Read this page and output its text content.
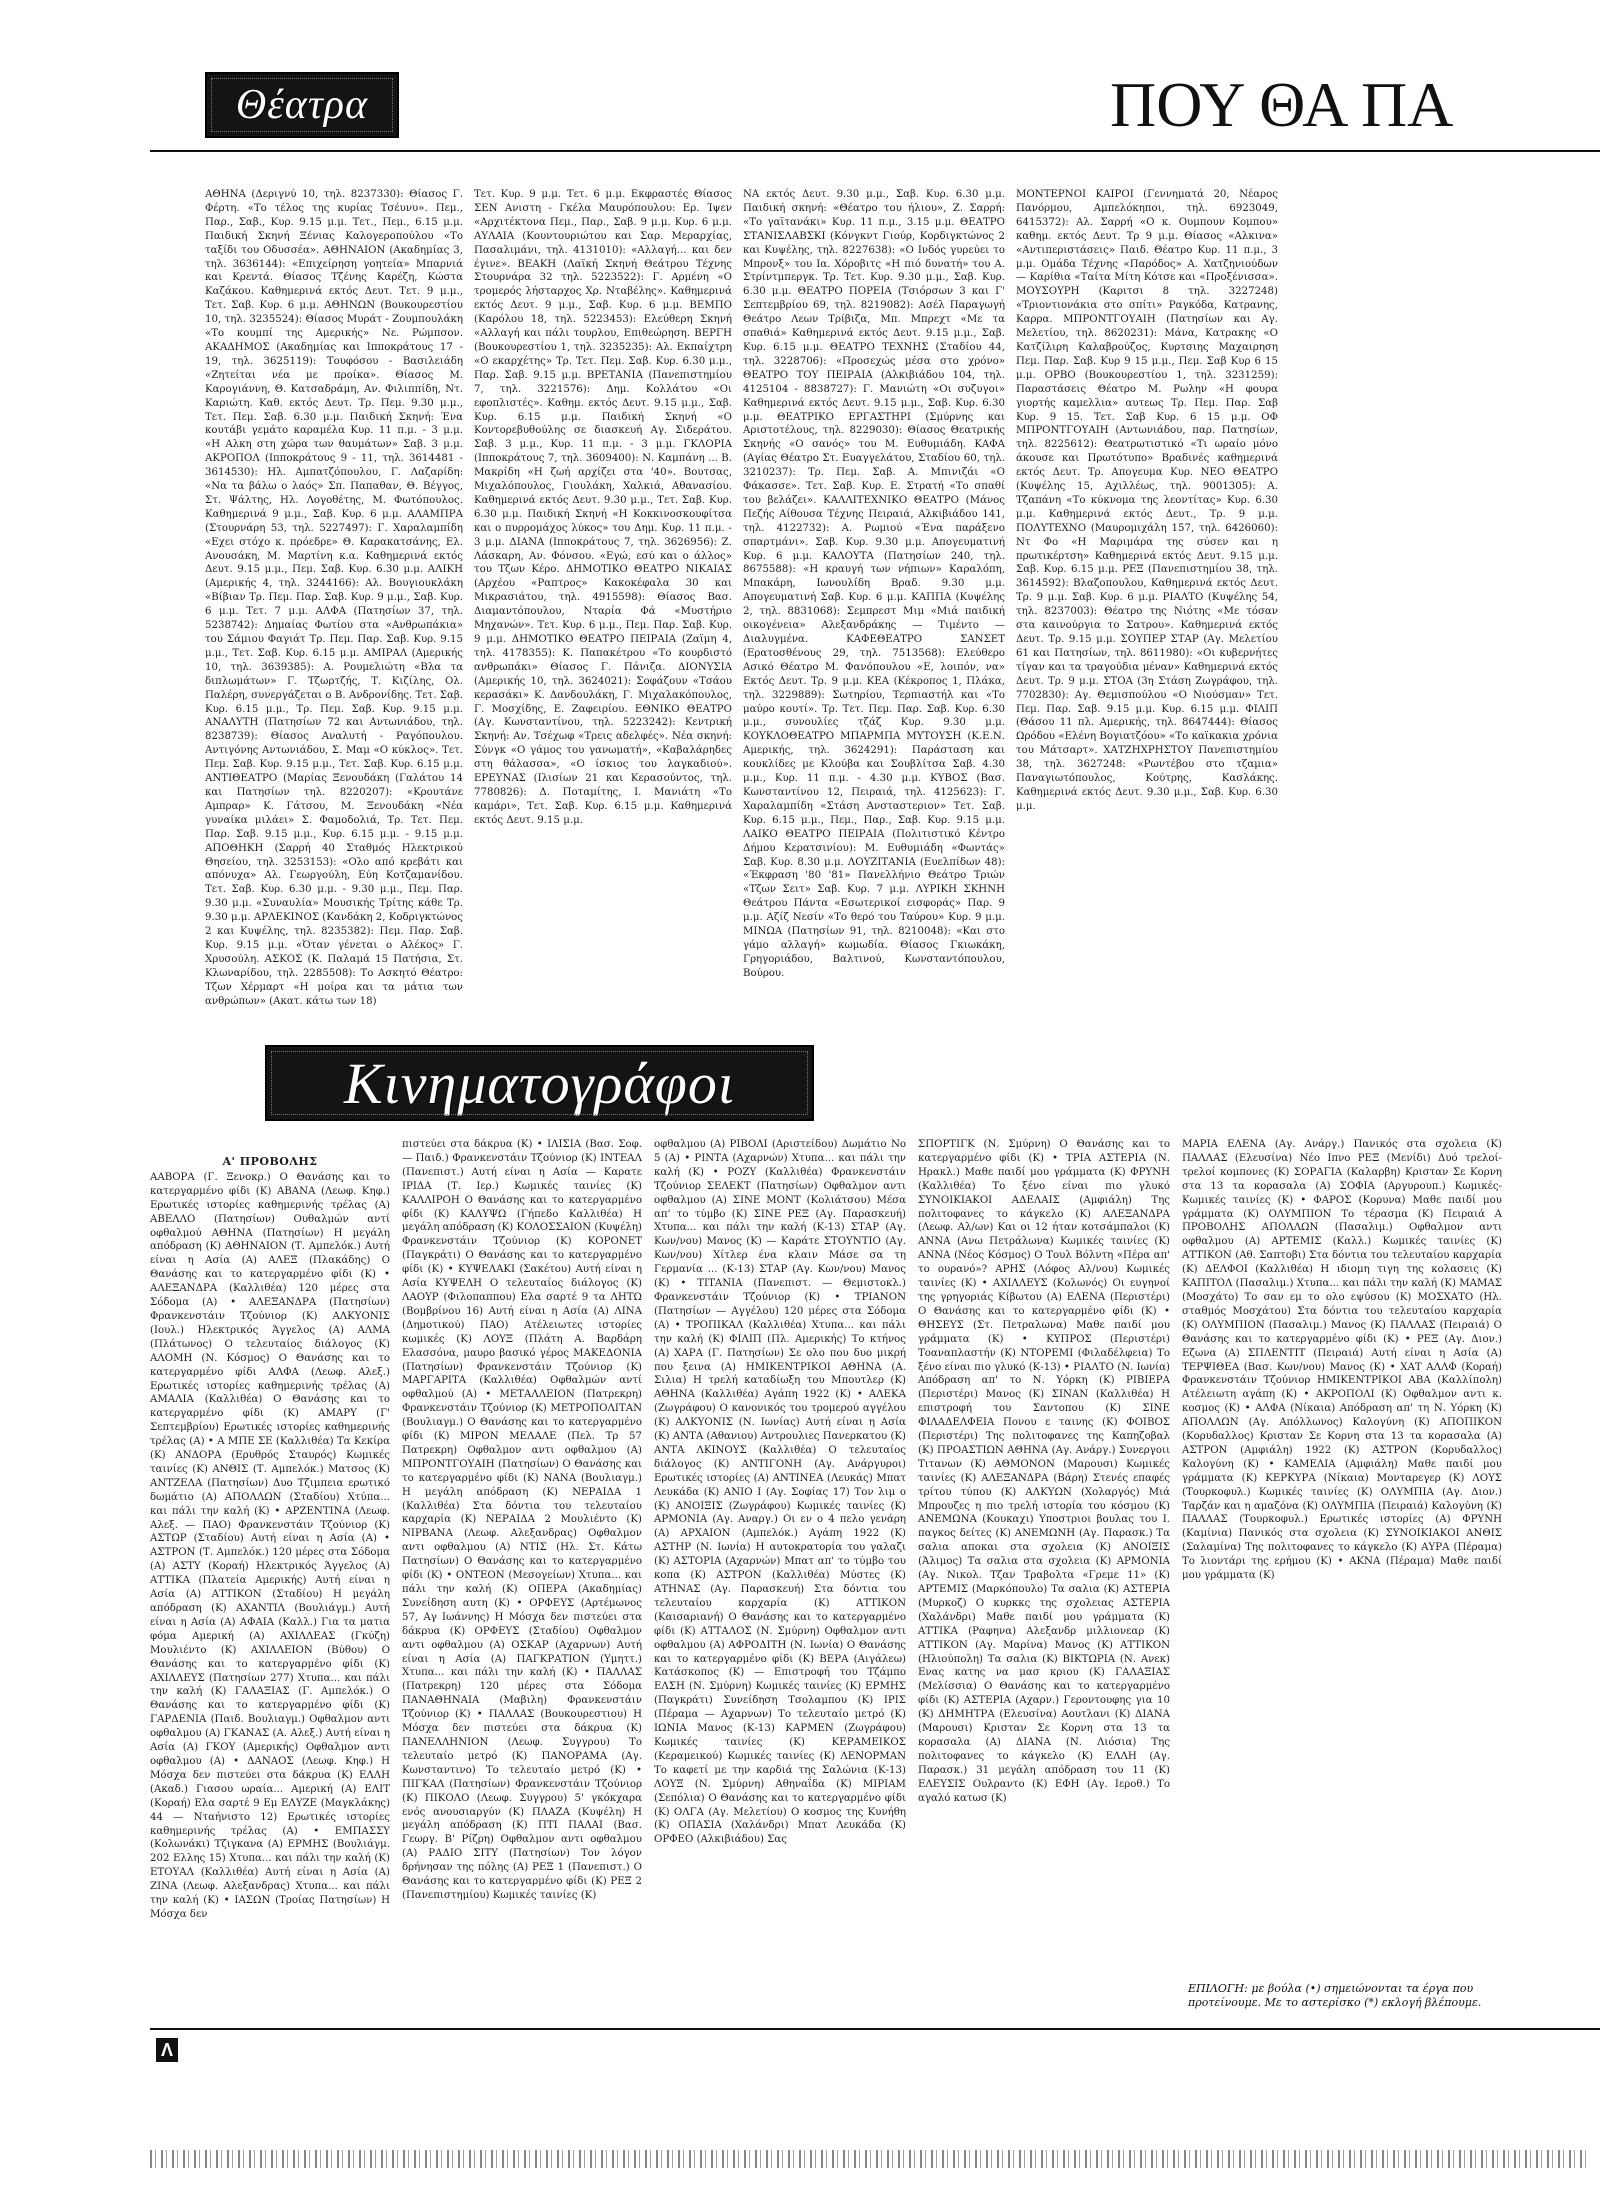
Θέατρα	ΠΟΥ ΘΑ ΠΑ

ΑΘΗΝΑ (Δεριγνύ 10, τηλ. 8237330): Θίασος Γ. Φέρτη. «Το τέλος της κυρίας Τσέυνυ». Πεμ., Παρ., Σαβ., Κυρ. 9.15 μ.μ. Τετ., Πεμ., 6.15 μ.μ. Παιδική Σκηνή Ξένιας Καλογεροπούλου «Το ταξίδι του Οδυσσέα». ΑΘΗΝΑΙΟΝ (Ακαδημίας 3, τηλ. 3636144): «Επιχείρηση γοητεία» Μπαρνιά και Κρεντά. Θίασος Τζένης Καρέζη, Κώστα Καζάκου. Καθημερινά εκτός Δευτ. Τετ. 9 μ.μ., Τετ. Σαβ. Κυρ. 6 μ.μ. ΑΘΗΝΩΝ (Βουκουρεστίου 10, τηλ. 3235524): Θίασος Μυράτ - Ζουμπουλάκη «Το κουμπί της Αμερικής» Νε. Ρώμπσον. ΑΚΑΔΗΜΟΣ (Ακαδημίας και Ιπποκράτους 17 - 19, τηλ. 3625119): Τουφόσου - Βασιλειάδη «Ζητείται νέα με προίκα». Θίασος Μ. Καρογιάννη, Θ. Κατσαδράμη, Αν. Φιλιππίδη, Ντ. Καριώτη. Καθ. εκτός Δευτ. Τρ. Πεμ. 9.30 μ.μ., Τετ. Πεμ. Σαβ. 6.30 μ.μ. Παιδική Σκηνή: Ένα κουτάβι γεμάτο καραμέλα Κυρ. 11 π.μ. - 3 μ.μ. «Η Αλκη στη χώρα των θαυμάτων» Σαβ. 3 μ.μ. ΑΚΡΟΠΟΛ (Ιπποκράτους 9 - 11, τηλ. 3614481 - 3614530): Ηλ. Αμπατζόπουλου, Γ. Λαζαρίδη: «Να τα βάλω ο λαός» Σπ. Παπαθαν, Θ. Βέγγος, Στ. Ψάλτης, Ηλ. Λογοθέτης, Μ. Φωτόπουλος. Καθημερινά 9 μ.μ., Σαβ. Κυρ. 6 μ.μ. ΑΛΑΜΠΡΑ (Στουρνάρη 53, τηλ. 5227497): Γ. Χαραλαμπίδη «Εχει στόχο κ. πρόεδρε» Θ. Καρακατσάνης, Ελ. Ανουσάκη, Μ. Μαρτίνη κ.α. Καθημερινά εκτός Δευτ. 9.15 μ.μ., Πεμ. Σαβ. Κυρ. 6.30 μ.μ. ΑΛΙΚΗ (Αμερικής 4, τηλ. 3244166): Αλ. Βουγιουκλάκη «Βίβιαν Τρ. Πεμ. Παρ. Σαβ. Κυρ. 9 μ.μ., Σαβ. Κυρ. 6 μ.μ. Τετ. 7 μ.μ. ΑΛΦΑ (Πατησίων 37, τηλ. 5238742): Δημαίας Φωτίου στα «Ανθρωπάκια» του Σάμιου Φαγιάτ Τρ. Πεμ. Παρ. Σαβ. Κυρ. 9.15 μ.μ., Τετ. Σαβ. Κυρ. 6.15 μ.μ. ΑΜΙΡΑΛ (Αμερικής 10, τηλ. 3639385): Α. Ρουμελιώτη «Βλα τα διπλωμάτων» Γ. Τζωρτζής, Τ. Κιζίλης, Ολ. Παλέρη, συνεργάζεται ο Β. Ανδρονίδης. Τετ. Σαβ. Κυρ. 6.15 μ.μ., Τρ. Πεμ. Σαβ. Κυρ. 9.15 μ.μ. ΑΝΑΛΥΤΗ (Πατησίων 72 και Αντωνιάδου, τηλ. 8238739): Θίασος Αναλυτή - Ραγόπουλου. Αντιγόνης Αντωνιάδου, Σ. Μαμ «Ο κύκλος». Τετ. Πεμ. Σαβ. Κυρ. 9.15 μ.μ., Τετ. Σαβ. Κυρ. 6.15 μ.μ. ΑΝΤΙΘΕΑΤΡΟ (Μαρίας Ξενουδάκη (Γαλάτου 14 και Πατησίων τηλ. 8220207): «Κρουτάνε Αμπραρ» Κ. Γάτσου, Μ. Ξενουδάκη «Νέα γυναίκα μιλάει» Σ. Φαμοδολιά, Τρ. Τετ. Πεμ. Παρ. Σαβ. 9.15 μ.μ., Κυρ. 6.15 μ.μ. - 9.15 μ.μ. ΑΠΟΘΗΚΗ (Σαρρή 40 Σταθμός Ηλεκτρικού Θησείου, τηλ. 3253153): «Ολο από κρεβάτι και απόνυχα» Αλ. Γεωργούλη, Εύη Κοτζαμανίδου. Τετ. Σαβ. Κυρ. 6.30 μ.μ. - 9.30 μ.μ., Πεμ. Παρ. 9.30 μ.μ. «Συναυλία» Μουσικής Τρίτης κάθε Τρ. 9.30 μ.μ. ΑΡΛΕΚΙΝΟΣ (Κανδάκη 2, Κοδριγκτώνος 2 και Κυψέλης, τηλ. 8235382): Πεμ. Παρ. Σαβ. Κυρ. 9.15 μ.μ. «Όταν γένεται ο Αλέκος» Γ. Χρυσούλη. ΑΣΚΟΣ (Κ. Παλαμά 15 Πατήσια, Στ. Κλωναρίδου, τηλ. 2285508): Το Ασκητό Θέατρο: Τζων Χέρμαρτ «Η μοίρα και τα μάτια των ανθρώπων» (Ακατ. κάτω των 18)

Τετ. Κυρ. 9 μ.μ. Τετ. 6 μ.μ. Εκφραστές Θίασος ΣΕΝ Ανιστη - Γκέλα Μαυρόπουλου: Ερ. Ίψεν «Αρχιτέκτονα Πεμ., Παρ., Σαβ. 9 μ.μ. Κυρ. 6 μ.μ. ΑΥΛΑΙΑ (Κουντουριώτου και Σαρ. Μεραρχίας, Πασαλιμάνι, τηλ. 4131010): «Αλλαγή... και δεν έγινε». ΒΕΑΚΗ (Λαϊκή Σκηνή Θεάτρου Τέχνης Στουρνάρα 32 τηλ. 5223522): Γ. Αρμένη «Ο τρομερός λήσταρχος Χρ. Νταβέλης». Καθημερινά εκτός Δευτ. 9 μ.μ., Σαβ. Κυρ. 6 μ.μ. ΒΕΜΠΟ (Καρόλου 18, τηλ. 5223453): Ελεύθερη Σκηνή «Αλλαγή και πάλι τουρλου, Επιθεώρηση. ΒΕΡΓΗ (Βουκουρεστίου 1, τηλ. 3235235): Αλ. Εκπαίχτρη «Ο εκαρχέτης» Τρ. Τετ. Πεμ. Σαβ. Κυρ. 6.30 μ.μ., Παρ. Σαβ. 9.15 μ.μ. ΒΡΕΤΑΝΙΑ (Πανεπιστημίου 7, τηλ. 3221576): Δημ. Κολλάτου «Οι εφοπλιστές». Καθημ. εκτός Δευτ. 9.15 μ.μ., Σαβ. Κυρ. 6.15 μ.μ. Παιδική Σκηνή «Ο Κοντορεβυθούλης σε διασκευή Αγ. Σιδεράτου. Σαβ. 3 μ.μ., Κυρ. 11 π.μ. - 3 μ.μ. ΓΚΛΟΡΙΑ (Ιπποκράτους 7, τηλ. 3609400): Ν. Καμπάνη ... Β. Μακρίδη «Η ζωή αρχίζει στα '40». Βουτσας, Μιχαλόπουλος, Γιουλάκη, Χαλκιά, Αθανασίου. Καθημερινά εκτός Δευτ. 9.30 μ.μ., Τετ. Σαβ. Κυρ. 6.30 μ.μ. Παιδική Σκηνή «Η Κοκκινοσκουφίτσα και ο πυρρομάχος λύκος» του Δημ. Κυρ. 11 π.μ. - 3 μ.μ. ΔΙΑΝΑ (Ιπποκράτους 7, τηλ. 3626956): Ζ. Λάσκαρη, Αν. Φόνσου. «Εγώ, εσύ και ο άλλος» του Τζων Κέρο. ΔΗΜΟΤΙΚΟ ΘΕΑΤΡΟ ΝΙΚΑΙΑΣ (Αρχέου «Ραπτρος» Κακοκέφαλα 30 και Μικρασιάτου, τηλ. 4915598): Θίασος Βασ. Διαμαντόπουλου, Νταρία Φά «Μυστήριο Μηχανών». Τετ. Κυρ. 6 μ.μ., Πεμ. Παρ. Σαβ. Κυρ. 9 μ.μ. ΔΗΜΟΤΙΚΟ ΘΕΑΤΡΟ ΠΕΙΡΑΙΑ (Ζαϊμη 4, τηλ. 4178355): Κ. Παπακέτρου «Το κουρδιστό ανθρωπάκι» Θίασος Γ. Πάνιζα. ΔΙΟΝΥΣΙΑ (Αμερικής 10, τηλ. 3624021): Σοφάζουν «Τσάου κερασάκι» Κ. Δανδουλάκη, Γ. Μιχαλακόπουλος, Γ. Μοσχίδης, Ε. Ζαφειρίου. ΕΘΝΙΚΟ ΘΕΑΤΡΟ (Αγ. Κωνσταντίνου, τηλ. 5223242): Κεντρική Σκηνή: Αν. Τσέχωφ «Τρεις αδελφές». Νέα σκηνή: Σύνγκ «Ο γάμος του γανωματή», «Καβαλάρηδες στη θάλασσα», «Ο ίσκιος του λαγκαδιού». ΕΡΕΥΝΑΣ (Ιλισίων 21 και Κερασούντος, τηλ. 7780826): Δ. Ποταμίτης, Ι. Μανιάτη «Το καμάρι», Τετ. Σαβ. Κυρ. 6.15 μ.μ. Καθημερινά εκτός Δευτ. 9.15 μ.μ.

ΝΑ εκτός Δευτ. 9.30 μ.μ., Σαβ. Κυρ. 6.30 μ.μ. Παιδική σκηνή: «Θέατρο του ήλιου», Ζ. Σαρρή: «Το γαϊτανάκι» Κυρ. 11 π.μ., 3.15 μ.μ. ΘΕΑΤΡΟ ΣΤΑΝΙΣΛΑΒΣΚΙ (Κόνγκντ Γιούρ, Κορδιγκτώνος 2 και Κυψέλης, τηλ. 8227638): «Ο Ινδός γυρεύει το Μπρονξ» του Ια. Χόροβιτς «Η πιό δυνατή» του Α. Στρίντμπεργκ. Τρ. Τετ. Κυρ. 9.30 μ.μ., Σαβ. Κυρ. 6.30 μ.μ. ΘΕΑΤΡΟ ΠΟΡΕΙΑ (Τσιόρσων 3 και Γ' Σεπτεμβρίου 69, τηλ. 8219082): Ασέλ Παραγωγή Θεάτρο Λεων Τρίβιζα, Μπ. Μπρεχτ «Με τα σπαθιά» Καθημερινά εκτός Δευτ. 9.15 μ.μ., Σαβ. Κυρ. 6.15 μ.μ. ΘΕΑΤΡΟ ΤΕΧΝΗΣ (Σταδίου 44, τηλ. 3228706): «Προσεχώς μέσα στο χρόνο» ΘΕΑΤΡΟ ΤΟΥ ΠΕΙΡΑΙΑ (Αλκιβιάδου 104, τηλ. 4125104 - 8838727): Γ. Μανιώτη «Οι συζυγοι» Καθημερινά εκτός Δευτ. 9.15 μ.μ., Σαβ. Κυρ. 6.30 μ.μ. ΘΕΑΤΡΙΚΟ ΕΡΓΑΣΤΗΡΙ (Σμύρνης και Αριστοτέλους, τηλ. 8229030): Θίασος Θεατρικής Σκηνής «Ο σανός» του Μ. Ευθυμιάδη. ΚΑΦΑ (Αγίας Θέατρο Στ. Ευαγγελάτου, Σταδίου 60, τηλ. 3210237): Τρ. Πεμ. Σαβ. Α. Μπινιζάι «Ο Φάκασσε». Τετ. Σαβ. Κυρ. Ε. Στρατή «Το σπαθί του βελάζει». ΚΑΛΛΙΤΕΧΝΙΚΟ ΘΕΑΤΡΟ (Μάνος Πεζής Αίθουσα Τέχνης Πειραιά, Αλκιβιάδου 141, τηλ. 4122732): Α. Ρωμιού «Ένα παράξενο σπαρτμάνι». Σαβ. Κυρ. 9.30 μ.μ. Απογευματινή Κυρ. 6 μ.μ. ΚΑΛΟΥΤΑ (Πατησίων 240, τηλ. 8675588): «Η κραυγή των νήπιων» Καραλόπη, Μπακάρη, Ιωνουλίδη Βραδ. 9.30 μ.μ. Απογευματινή Σαβ. Κυρ. 6 μ.μ. ΚΑΠΠΑ (Κυψέλης 2, τηλ. 8831068): Σεμπρεστ Μιμ «Μιά παιδική οικογένεια» Αλεξανδράκης — Τιμέντο — Διαλυγμένα. ΚΑΦΕΘΕΑΤΡΟ ΣΑΝΣΕΤ (Ερατοσθένους 29, τηλ. 7513568): Ελεύθερο Ασικό Θέατρο Μ. Φανόπουλου «Ε, λοιπόν, να» Εκτός Δευτ. Τρ. 9 μ.μ. ΚΕΑ (Κέκροπος 1, Πλάκα, τηλ. 3229889): Σωτηρίου, Τερπιαστήλ και «Το μαύρο κουτί». Τρ. Τετ. Πεμ. Παρ. Σαβ. Κυρ. 6.30 μ.μ., συνουλίες τζάζ Κυρ. 9.30 μ.μ. ΚΟΥΚΛΟΘΕΑΤΡΟ ΜΠΑΡΜΠΑ ΜΥΤΟΥΣΗ (Κ.Ε.Ν. Αμερικής, τηλ. 3624291): Παράσταση και κουκλίδες με Κλούβα και Σουβλίτσα Σαβ. 4.30 μ.μ., Κυρ. 11 π.μ. - 4.30 μ.μ. ΚΥΒΟΣ (Βασ. Κωνσταντίνου 12, Πειραιά, τηλ. 4125623): Γ. Χαραλαμπίδη «Στάση Ανσταστεριον» Τετ. Σαβ. Κυρ. 6.15 μ.μ., Πεμ., Παρ., Σαβ. Κυρ. 9.15 μ.μ. ΛΑΙΚΟ ΘΕΑΤΡΟ ΠΕΙΡΑΙΑ (Πολιτιστικό Κέντρο Δήμου Κερατσινίου): Μ. Ευθυμιάδη «Φωντάς» Σαβ. Κυρ. 8.30 μ.μ. ΛΟΥΖΙΤΑΝΙΑ (Ευελπίδων 48): «Έκφραση '80 '81» Πανελλήνιο Θεάτρο Τριών «Τζων Σειτ» Σαβ. Κυρ. 7 μ.μ. ΛΥΡΙΚΗ ΣΚΗΝΗ Θεάτρου Πάντα «Εσωτερικοί εισφοράς» Παρ. 9 μ.μ. Αζίζ Νεσίν «Το θερό του Ταύρου» Κυρ. 9 μ.μ. ΜΙΝΩΑ (Πατησίων 91, τηλ. 8210048): «Και στο γάμο αλλαγή» κωμωδία. Θίασος Γκιωκάκη, Γρηγοριάδου, Βαλτινού, Κωνσταντόπουλου, Βούρου.

ΜΟΝΤΕΡΝΟΙ ΚΑΙΡΟΙ (Γεννηματά 20, Νέαρος Πανόρμου, Αμπελόκηποι, τηλ. 6923049, 6415372): Αλ. Σαρρή «Ο κ. Ουμπουν Κομπου» καθημ. εκτός Δευτ. Τρ 9 μ.μ. Θίασος «Αλκινα» «Αντιπεριστάσεις» Παιδ. Θέατρο Κυρ. 11 π.μ., 3 μ.μ. Ομάδα Τέχνης «Παρόδος» Α. Χατζηνιούδων — Καρίθια «Ταίτα Μίτη Κότσε και «Προξένισσα». ΜΟΥΣΟΥΡΗ (Καριτσι 8 τηλ. 3227248) «Τριοντιονάκια στο σπίτι» Ραγκόδα, Κατρανης, Καρρα. ΜΠΡΟΝΤΓΟΥΑΙΗ (Πατησίων και Αγ. Μελετίου, τηλ. 8620231): Μάνα, Κατρακης «Ο Κατζίλιρη Καλαβρούζος, Κυρτσιης Μαχαιρηση Πεμ. Παρ. Σαβ. Κυρ 9 15 μ.μ., Πεμ. Σαβ Κυρ 6 15 μ.μ. ΟΡΒΟ (Βουκουρεστίου 1, τηλ. 3231259): Παραστάσεις Θέατρο Μ. Ρωλην «Η φουρα γιορτής καμελλια» αυτεως Τρ. Πεμ. Παρ. Σαβ Κυρ. 9 15. Τετ. Σαβ Κυρ. 6 15 μ.μ. ΟΦ ΜΠΡΟΝΤΓΟΥΑΙΗ (Αντωνιάδου, παρ. Πατησίων, τηλ. 8225612): Θεατρωτιστικό «Τι ωραίο μόνο άκουσε και Πρωτότυπο» Βραδινές καθημερινά εκτός Δευτ. Τρ. Απογευμα Κυρ. ΝΕΟ ΘΕΑΤΡΟ (Κυψέλης 15, Αχιλλέως, τηλ. 9001305): Α. Τζαπάνη «Το κύκνομα της λεοντίτας» Κυρ. 6.30 μ.μ. Καθημερινά εκτός Δευτ., Τρ. 9 μ.μ. ΠΟΛΥΤΕΧΝΟ (Μαυρομιχάλη 157, τηλ. 6426060): Ντ Φο «Η Μαριμάρα της σύσεν και η πρωτικέρτση» Καθημερινά εκτός Δευτ. 9.15 μ.μ. Σαβ. Κυρ. 6.15 μ.μ. ΡΕΞ (Πανεπιστημίου 38, τηλ. 3614592): Βλαζοπουλου, Καθημερινά εκτός Δευτ. Τρ. 9 μ.μ. Σαβ. Κυρ. 6 μ.μ. ΡΙΑΛΤΟ (Κυψέλης 54, τηλ. 8237003): Θέατρο της Νιότης «Με τόσαν στα καινούργια το Σατρου». Καθημερινά εκτός Δευτ. Τρ. 9.15 μ.μ. ΣΟΥΠΕΡ ΣΤΑΡ (Αγ. Μελετίου 61 και Πατησίων, τηλ. 8611980): «Οι κυβερνήτες τίγαν και τα τραγούδια μέναν» Καθημερινά εκτός Δευτ. Τρ. 9 μ.μ. ΣΤΟΑ (3η Στάση Ζωγράφου, τηλ. 7702830): Αγ. Θεμισπούλου «Ο Νιούσμαν» Τετ. Πεμ. Παρ. Σαβ. 9.15 μ.μ. Κυρ. 6.15 μ.μ. ΦΙΛΙΠ (Θάσου 11 πλ. Αμερικής, τηλ. 8647444): Θίασος Ωρόδου «Ελένη Βογιατζόου» «Το καϊκακια χρόνια του Μάτσαρτ». ΧΑΤΖΗΧΡΗΣΤΟΥ Πανεπιστημίου 38, τηλ. 3627248: «Ρωντέβου στο τζαμια» Παναγιωτόπουλος, Κούτρης, Κασλάκης. Καθημερινά εκτός Δευτ. 9.30 μ.μ., Σαβ. Κυρ. 6.30 μ.μ.

Κινηματογράφοι
Α' ΠΡΟΒΟΛΗΣ

ΑΑΒΟΡΑ (Γ. Ξενοκρ.) Ο Θανάσης και το κατεργαρμένο φίδι (Κ) ΑΒΑΝΑ (Λεωφ. Κηφ.) Ερωτικές ιστορίες καθημερινής τρέλας (Α) ΑΒΕΛΛΟ (Πατησίων) Ουθαλμών αντί οφθαλμού ΑΘΗΝΑ (Πατησίων) Η μεγάλη απόδραση (Κ) ΑΘΗΝΑΙΟΝ (Τ. Αμπελόκ.) Αυτή είναι η Ασία (Α) ΑΛΕΞ (Πλακάδης) Ο Θανάσης και το κατεργαρμένο φίδι (Κ) • ΑΛΕΞΑΝΔΡΑ (Καλλιθέα) 120 μέρες στα Σόδομα (Α) • ΑΛΕΞΑΝΔΡΑ (Πατησίων) Φρανκενστάιν Τζούνιορ (Κ) ΑΛΚΥΟΝΙΣ (Ιουλ.) Ηλεκτρικός Άγγελος (Α) ΑΛΜΑ (Πλάτωνος) Ο τελευταίος διάλογος (Κ) ΑΛΟΜΗ (Ν. Κόσμος) Ο Θανάσης και το κατεργαρμένο φίδι ΑΛΦΑ (Λεωφ. Αλεξ.) Ερωτικές ιστορίες καθημερινής τρέλας (Α) ΑΜΑΛΙΑ (Καλλιθέα) Ο Θανάσης και το κατεργαρμένο φίδι (Κ) ΑΜΑΡΥ (Γ' Σεπτεμβρίου) Ερωτικές ιστορίες καθημερινής τρέλας (Α) • Α ΜΠΕ ΣΕ (Καλλιθέα) Τα Κεκίρα (Κ) ΑΝΔΟΡΑ (Ερυθρός Σταυρός) Κωμικές ταινίες (Κ) ΑΝΘΙΣ (Τ. Αμπελόκ.) Ματσος (Κ) ΑΝΤΖΕΛΑ (Πατησίων) Δυο Τζιμπεια ερωτικό δωμάτιο (Α) ΑΠΟΛΛΩΝ (Σταδίου) Χτύπα... και πάλι την καλή (Κ) • ΑΡΖΕΝΤΙΝΑ (Λεωφ. Αλεξ. — ΠΑΟ) Φρανκενστάιν Τζούνιορ (Κ) ΑΣΤΩΡ (Σταδίου) Αυτή είναι η Ασία (Α) • ΑΣΤΡΟΝ (Τ. Αμπελόκ.) 120 μέρες στα Σόδομα (Α) ΑΣΤΥ (Κοραή) Ηλεκτρικός Άγγελος (Α) ΑΤΤΙΚΑ (Πλατεία Αμερικής) Αυτή είναι η Ασία (Α) ΑΤΤΙΚΟΝ (Σταδίου) Η μεγάλη απόδραση (Κ) ΑΧΑΝΤΙΛ (Βουλιάγμ.) Αυτή είναι η Ασία (Α) ΑΦΑΙΑ (Καλλ.) Για τα ματια φόμα Αμερική (Α) ΑΧΙΛΛΕΑΣ (Γκύζη) Μουλιέντο (Κ) ΑΧΙΛΛΕΙΟΝ (Βύθου) Ο Θανάσης και το κατεργαρμένο φίδι (Κ) ΑΧΙΛΛΕΥΣ (Πατησίων 277) Χτυπα... και πάλι την καλή (Κ) ΓΑΛΑΞΙΑΣ (Γ. Αμπελόκ.) Ο Θανάσης και το κατεργαρμένο φίδι (Κ) ΓΑΡΔΕΝΙΑ (Παιδ. Βουλιαγμ.) Οφθαλμον αντι οφθαλμου (Α) ΓΚΑΝΑΣ (Α. Αλεξ.) Αυτή είναι η Ασία (Α) ΓΚΟΥ (Αμερικής) Οφθαλμον αντι οφθαλμου (Α) • ΔΑΝΑΟΣ (Λεωφ. Κηφ.) Η Μόσχα δεν πιστεύει στα δάκρυα (Κ) ΕΛΛΗ (Ακαδ.) Γιασου ωραία... Αμερική (Α) ΕΛΙΤ (Κοραή) Ελα σαρτέ 9 Εμ ΕΛΥΖΕ (Μαγκλάκης) 44 — Νταήνιστο 12) Ερωτικές ιστορίες καθημερινής τρέλας (Α) • ΕΜΠΑΣΣΥ (Κολωνάκι) Τζιγκανα (Α) ΕΡΜΗΣ (Βουλιάγμ. 202 Ελλης 15) Χτυπα... και πάλι την καλή (Κ) ΕΤΟΥΑΛ (Καλλιθέα) Αυτή είναι η Ασία (Α) ΖΙΝΑ (Λεωφ. Αλεξανδρας) Χτυπα... και πάλι την καλή (Κ) • ΙΑΣΩΝ (Τροίας Πατησίων) Η Μόσχα δεν

πιστεύει στα δάκρυα (Κ) • ΙΛΙΣΙΑ (Βασ. Σοφ. — Παιδ.) Φρανκενστάιν Τζούνιορ (Κ) ΙΝΤΕΑΛ (Πανεπιστ.) Αυτή είναι η Ασία — Καρατε ΙΡΙΔΑ (Τ. Ιερ.) Κωμικές ταινίες (Κ) ΚΑΛΛΙΡΟΗ Ο Θανάσης και το κατεργαρμένο φίδι (Κ) ΚΑΛΥΨΩ (Γήπεδο Καλλιθέα) Η μεγάλη απόδραση (Κ) ΚΟΛΟΣΣΑΙΟΝ (Κυψέλη) Φρανκενστάιν Τζούνιορ (Κ) ΚΟΡΟΝΕΤ (Παγκράτι) Ο Θανάσης και το κατεργαρμένο φίδι (Κ) • ΚΥΨΕΛΑΚΙ (Σακέτου) Αυτή είναι η Ασία ΚΥΨΕΛΗ Ο τελευταίος διάλογος (Κ) ΛΑΟΥΡ (Φιλοπαππου) Ελα σαρτέ 9 τα ΛΗΤΩ (Βομβρίνου 16) Αυτή είναι η Ασία (Α) ΛΙΝΑ (Δημοτικού) ΠΑΟ) Ατέλειωτες ιστορίες κωμικές (Κ) ΛΟΥΞ (Πλάτη Α. Βαρδάρη Ελασσόνα, μαυρο βασικό γέρος ΜΑΚΕΔΟΝΙΑ (Πατησίων) Φρανκενστάιν Τζούνιορ (Κ) ΜΑΡΓΑΡΙΤΑ (Καλλιθέα) Οφθαλμών αντί οφθαλμού (Α) • ΜΕΤΑΛΛΕΙΟΝ (Πατρεκρη) Φρανκενστάιν Τζούνιορ (Κ) ΜΕΤΡΟΠΟΛΙΤΑΝ (Βουλιαγμ.) Ο Θανάσης και το κατεργαρμένο φίδι (Κ) ΜΙΡΟΝ ΜΕΛΑΛΕ (Πελ. Τρ 57 Πατρεκρη) Οφθαλμον αντι οφθαλμου (Α) ΜΠΡΟΝΤΓΟΥΑΙΗ (Πατησίων) Ο Θανάσης και το κατεργαρμένο φίδι (Κ) ΝΑΝΑ (Βουλιαγμ.) Η μεγάλη απόδραση (Κ) ΝΕΡΑΙΔΑ 1 (Καλλιθέα) Στα δόντια του τελευταίου καρχαρία (Κ) ΝΕΡΑΙΔΑ 2 Μουλιέντο (Κ) ΝΙΡΒΑΝΑ (Λεωφ. Αλεξανδρας) Οφθαλμον αντι οφθαλμου (Α) ΝΤΙΣ (Ηλ. Στ. Κάτω Πατησίων) Ο Θανάσης και το κατεργαρμένο φίδι (Κ) • ΟΝΤΕΟΝ (Μεσογείων) Χτυπα... και πάλι την καλή (Κ) ΟΠΕΡΑ (Ακαδημίας) Συνείδηση αυτη (Κ) • ΟΡΦΕΥΣ (Αρτέμωνος 57, Αγ Ιωάννης) Η Μόσχα δεν πιστεύει στα δάκρυα (Κ) ΟΡΦΕΥΣ (Σταδίου) Οφθαλμον αντι οφθαλμου (Α) ΟΣΚΑΡ (Αχαρνων) Αυτή είναι η Ασία (Α) ΠΑΓΚΡΑΤΙΟΝ (Υμηττ.) Χτυπα... και πάλι την καλή (Κ) • ΠΑΛΛΑΣ (Πατρεκρη) 120 μέρες στα Σόδομα ΠΑΝΑΘΗΝΑΙΑ (Μαβιλη) Φρανκενστάιν Τζούνιορ (Κ) • ΠΑΛΛΑΣ (Βουκουρεστιου) Η Μόσχα δεν πιστεύει στα δάκρυα (Κ) ΠΑΝΕΛΛΗΝΙΟΝ (Λεωφ. Συγγρου) Το τελευταίο μετρό (Κ) ΠΑΝΟΡΑΜΑ (Αγ. Κωνσταντινο) Το τελευταίο μετρό (Κ) • ΠΙΓΚΑΛ (Πατησίων) Φρανκενστάιν Τζούνιορ (Κ) ΠΙΚΟΛΟ (Λεωφ. Συγγρου) 5' γκόκχαρα ενός ανουσιαργύν (Κ) ΠΛΑΖΑ (Κυψέλη) Η μεγάλη απόδραση (Κ) ΠΤΙ ΠΑΛΑΙ (Βασ. Γεωργ. Β' Ρίζρη) Οφθαλμον αντι οφθαλμου (Α) ΡΑΔΙΟ ΣΙΤΥ (Πατησίων) Τον λόγον δρήνησαν της πόλης (Α) ΡΕΞ 1 (Πανεπιστ.) Ο Θανάσης και το κατεργαρμένο φίδι (Κ) ΡΕΞ 2 (Πανεπιστημίου) Κωμικές ταινίες (Κ)

οφθαλμου (Α) ΡΙΒΟΛΙ (Αριστείδου) Δωμάτιο Νο 5 (Α) • ΡΙΝΤΑ (Αχαρνών) Χτυπα... και πάλι την καλή (Κ) • ΡΟΖΥ (Καλλιθέα) Φρανκενστάιν Τζούνιορ ΣΕΛΕΚΤ (Πατησίων) Οφθαλμον αντι οφθαλμου (Α) ΣΙΝΕ ΜΟΝΤ (Κολιάτσου) Μέσα απ' το τύμβο (Κ) ΣΙΝΕ ΡΕΞ (Αγ. Παρασκευή) Χτυπα... και πάλι την καλή (Κ-13) ΣΤΑΡ (Αγ. Κων/νου) Μανος (Κ) — Καράτε ΣΤΟΥΝΤΙΟ (Αγ. Κων/νου) Χίτλερ ένα κλαιν Μάσε σα τη Γερμανία ... (Κ-13) ΣΤΑΡ (Αγ. Κων/νου) Μανος (Κ) • ΤΙΤΑΝΙΑ (Πανεπιστ. — Θεμιστοκλ.) Φρανκενστάιν Τζούνιορ (Κ) • ΤΡΙΑΝΟΝ (Πατησίων — Αγγέλου) 120 μέρες στα Σόδομα (Α) • ΤΡΟΠΙΚΑΛ (Καλλιθέα) Χτυπα... και πάλι την καλή (Κ) ΦΙΛΙΠ (Πλ. Αμερικής) Το κτήνος (Α) ΧΑΡΑ (Γ. Πατησίων) Σε ολο που δυο μικρή που ξεινα (Α) ΗΜΙΚΕΝΤΡΙΚΟΙ ΑΘΗΝΑ (Α. Σιλια) Η τρελή καταδίωξη του Μπουτλερ (Κ) ΑΘΗΝΑ (Καλλιθέα) Αγάπη 1922 (Κ) • ΑΛΕΚΑ (Ζωγράφου) Ο κανονικός του τρομερού αγγέλου (Κ) ΑΛΚΥΟΝΙΣ (Ν. Ιωνίας) Αυτή είναι η Ασία (Κ) ΑΝΤΑ (Αθανιου) Αντρουλιες Πανερκατου (Κ) ΑΝΤΑ ΛΚΙΝΟΥΣ (Καλλιθέα) Ο τελευταίος διάλογος (Κ) ΑΝΤΙΓΟΝΗ (Αγ. Ανάργυροι) Ερωτικές ιστορίες (Α) ΑΝΤΙΝΕΑ (Λευκάς) Μπατ Λευκάδα (Κ) ΑΝΙΟ Ι (Αγ. Σοφίας 17) Τον λιμ ο (Κ) ΑΝΟΙΞΙΣ (Ζωγράφου) Κωμικές ταινίες (Κ) ΑΡΜΟΝΙΑ (Αγ. Αναργ.) Οι εν ο 4 πελο γενάρη (Α) ΑΡΧΑΙΟΝ (Αμπελόκ.) Αγάπη 1922 (Κ) ΑΣΤΗΡ (Ν. Ιωνία) Η αυτοκρατορία του γαλαζι (Κ) ΑΣΤΟΡΙΑ (Αχαρνών) Μπατ απ' το τύμβο του κοπα (Κ) ΑΣΤΡΟΝ (Καλλιθέα) Μύστες (Κ) ΑΤΗΝΑΣ (Αγ. Παρασκευή) Στα δόντια του τελευταίου καρχαρία (Κ) ΑΤΤΙΚΟΝ (Καισαριανή) Ο Θανάσης και το κατεργαρμένο φίδι (Κ) ΑΤΤΑΛΟΣ (Ν. Σμύρνη) Οφθαλμον αντι οφθαλμου (Α) ΑΦΡΟΔΙΤΗ (Ν. Ιωνία) Ο Θανάσης και το κατεργαρμένο φίδι (Κ) ΒΕΡΑ (Αιγάλεω) Κατάσκοπος (Κ) — Επιστροφή του Τζάμπο ΕΛΣΗ (Ν. Σμύρνη) Κωμικές ταινίες (Κ) ΕΡΜΗΣ (Παγκράτι) Συνείδηση Τσολαμπου (Κ) ΙΡΙΣ (Πέραμα — Αχαρνων) Το τελευταίο μετρό (Κ) ΙΩΝΙΑ Μανος (Κ-13) ΚΑΡΜΕΝ (Ζωγράφου) Κωμικές ταινίες (Κ) ΚΕΡΑΜΕΙΚΟΣ (Κεραμεικού) Κωμικές ταινίες (Κ) ΛΕΝΟΡΜΑΝ Το καφετί με την καρδιά της Σαλώνια (Κ-13) ΛΟΥΞ (Ν. Σμύρνη) Αθηναΐδα (Κ) ΜΙΡΙΑΜ (Σεπόλια) Ο Θανάσης και το κατεργαρμένο φίδι (Κ) ΟΛΓΑ (Αγ. Μελετίου) Ο κοσμος της Κυνήθη (Κ) ΟΠΑΣΙΑ (Χαλάνδρι) Μπατ Λευκάδα (Κ) ΟΡΦΕΟ (Αλκιβιάδου) Σας

ΣΠΟΡΤΙΓΚ (Ν. Σμύρνη) Ο Θανάσης και το κατεργαρμένο φίδι (Κ) • ΤΡΙΑ ΑΣΤΕΡΙΑ (Ν. Ηρακλ.) Μαθε παιδί μου γράμματα (Κ) ΦΡΥΝΗ (Καλλιθέα) Το ξένο είναι πιο γλυκό ΣΥΝΟΙΚΙΑΚΟΙ ΑΔΕΛΑΙΣ (Αμφιάλη) Της πολιτοφανες το κάγκελο (Κ) ΑΛΕΞΑΝΔΡΑ (Λεωφ. Αλ/ων) Και οι 12 ήταν κοτσάμπαλοι (Κ) ΑΝΝΑ (Ανω Πετράλωνα) Κωμικές ταινίες (Κ) ΑΝΝΑ (Νέος Κόσμος) Ο Τουλ Βόλντη «Πέρα απ' το ουρανό»? ΑΡΗΣ (Λόφος Αλ/νου) Κωμικές ταινίες (Κ) • ΑΧΙΛΛΕΥΣ (Κολωνός) Οι ευγηνοί της γρηγοριάς Κίβωτου (Α) ΕΛΕΝΑ (Περιστέρι) Ο Θανάσης και το κατεργαρμένο φίδι (Κ) • ΘΗΣΕΥΣ (Στ. Πετραλωνα) Μαθε παιδί μου γράμματα (Κ) • ΚΥΠΡΟΣ (Περιστέρι) Τοαναπλαστήν (Κ) ΝΤΟΡΕΜΙ (Φιλαδέλφεια) Το ξένο είναι πιο γλυκό (Κ-13) • ΡΙΑΛΤΟ (Ν. Ιωνία) Απόδραση απ' το Ν. Υόρκη (Κ) ΡΙΒΙΕΡΑ (Περιστέρι) Μανος (Κ) ΣΙΝΑΝ (Καλλιθέα) Η επιστροφή του Σαντοπου (Κ) ΣΙΝΕ ΦΙΛΑΔΕΛΦΕΙΑ Πονου ε ταινης (Κ) ΦΟΙΒΟΣ (Περιστέρι) Της πολιτοφανες της Καπηζοβαλ (Κ) ΠΡΟΑΣΤΙΩΝ ΑΘΗΝΑ (Αγ. Ανάργ.) Συνεργοιι Τιτανων (Κ) ΑΘΜΟΝΟΝ (Μαρουσι) Κωμικές ταινίες (Κ) ΑΛΕΞΑΝΔΡΑ (Βάρη) Στενές επαφές τρίτου τύπου (Κ) ΑΛΚΥΩΝ (Χολαργός) Μιά Μπρουζες η πιο τρελή ιστορία του κόσμου (Κ) ΑΝΕΜΩΝΑ (Κουκαχι) Υποστριοι βουλας του Ι. παγκος δείτες (Κ) ΑΝΕΜΩΝΗ (Αγ. Παρασκ.) Τα σαλια αποκαι στα σχολεια (Κ) ΑΝΟΙΞΙΣ (Άλιμος) Τα σαλια στα σχολεια (Κ) ΑΡΜΟΝΙΑ (Αγ. Νικολ. Τζαν Τραβολτα «Γρεμε 11» (Κ) ΑΡΤΕΜΙΣ (Μαρκόπουλο) Τα σαλια (Κ) ΑΣΤΕΡΙΑ (Μυρκοζ) Ο κυρκκς της σχολειας ΑΣΤΕΡΙΑ (Χαλάνδρι) Μαθε παιδί μου γράμματα (Κ) ΑΤΤΙΚΑ (Ραφηνα) Αλεξανδρ μιλλιονεαρ (Κ) ΑΤΤΙΚΟΝ (Αγ. Μαρίνα) Μανος (Κ) ΑΤΤΙΚΟΝ (Ηλιούπολη) Τα σαλια (Κ) ΒΙΚΤΩΡΙΑ (Ν. Ανεκ) Ενας κατης να μασ κριου (Κ) ΓΑΛΑΞΙΑΣ (Μελίσσια) Ο Θανάσης και το κατεργαρμένο φίδι (Κ) ΑΣΤΕΡΙΑ (Αχαρν.) Γεροντουφης για 10 (Κ) ΔΗΜΗΤΡΑ (Ελευσίνα) Αουτλανι (Κ) ΔΙΑΝΑ (Μαρουσι) Κρισταν Σε Κορνη στα 13 τα κορασαλα (Α) ΔΙΑΝΑ (Ν. Λιόσια) Της πολιτοφανες το κάγκελο (Κ) ΕΛΛΗ (Αγ. Παρασκ.) 31 μεγάλη απόδραση του 11 (Κ) ΕΛΕΥΣΙΣ Ουλραντο (Κ) ΕΦΗ (Αγ. Ιεροθ.) Το αγαλό κατωσ (Κ)

ΜΑΡΙΑ ΕΛΕΝΑ (Αγ. Ανάργ.) Πανικός στα σχολεια (Κ) ΠΑΛΛΑΣ (Ελευσίνα) Νέο Ιπνο ΡΕΞ (Μενίδι) Δυό τρελοί-τρελοί κομπονες (Κ) ΣΟΡΑΓΙΑ (Καλαρβη) Κρισταν Σε Κορνη στα 13 τα κορασαλα (Α) ΣΟΦΙΑ (Αργυρουπ.) Κωμικές-Κωμικές ταινίες (Κ) • ΦΑΡΟΣ (Κορυνα) Μαθε παιδί μου γράμματα (Κ) ΟΛΥΜΠΙΟΝ Το τέρασμα (Κ) Πειραιά Α ΠΡΟΒΟΛΗΣ ΑΠΟΛΛΩΝ (Πασαλιμ.) Οφθαλμον αντι οφθαλμου (Α) ΑΡΤΕΜΙΣ (Καλλ.) Κωμικές ταινίες (Κ) ΑΤΤΙΚΟΝ (Αθ. Σαπτοβι) Στα δόντια του τελευταίου καρχαρία (Κ) ΔΕΛΦΟΙ (Καλλιθέα) Η ιδιομη τιγη της κολασεις (Κ) ΚΑΠΙΤΟΛ (Πασαλιμ.) Χτυπα... και πάλι την καλή (Κ) ΜΑΜΑΣ (Μοσχάτο) Το σαν εμ το ολο εψύσου (Κ) ΜΟΣΧΑΤΟ (Ηλ. σταθμός Μοσχάτου) Στα δόντια του τελευταίου καρχαρία (Κ) ΟΛΥΜΠΙΟΝ (Πασαλιμ.) Μανος (Κ) ΠΑΛΛΑΣ (Πειραιά) Ο Θανάσης και το κατεργαρμένο φίδι (Κ) • ΡΕΞ (Αγ. Διον.) Εζωνα (Α) ΣΠΛΕΝΤΙΤ (Πειραιά) Αυτή είναι η Ασία (Α) ΤΕΡΨΙΘΕΑ (Βασ. Κων/νου) Μανος (Κ) • ΧΑΤ ΑΛΛΦ (Κοραή) Φρανκενστάιν Τζούνιορ ΗΜΙΚΕΝΤΡΙΚΟΙ ΑΒΑ (Καλλίπολη) Ατέλειωτη αγάπη (Κ) • ΑΚΡΟΠΟΛΙ (Κ) Οφθαλμον αντι κ. κοσμος (Κ) • ΑΛΦΑ (Νίκαια) Απόδραση απ' τη Ν. Υόρκη (Κ) ΑΠΟΛΛΩΝ (Αγ. Απόλλωνος) Καλογύνη (Κ) ΑΠΟΠΙΚΟΝ (Κορυδαλλος) Κρισταν Σε Κορνη στα 13 τα κορασαλα (Α) ΑΣΤΡΟΝ (Αμφιάλη) 1922 (Κ) ΑΣΤΡΟΝ (Κορυδαλλος) Καλογύνη (Κ) • ΚΑΜΕΛΙΑ (Αμφιάλη) Μαθε παιδί μου γράμματα (Κ) ΚΕΡΚΥΡΑ (Νίκαια) Μονταρεγερ (Κ) ΛΟΥΣ (Τουρκοφυλ.) Κωμικές ταινίες (Κ) ΟΛΥΜΠΙΑ (Αγ. Διον.) Ταρζάν και η αμαζόνα (Κ) ΟΛΥΜΠΙΑ (Πειραιά) Καλογύνη (Κ) ΠΑΛΛΑΣ (Τουρκοφυλ.) Ερωτικές ιστορίες (Α) ΦΡΥΝΗ (Καμίνια) Πανικός στα σχολεια (Κ) ΣΥΝΟΙΚΙΑΚΟΙ ΑΝΘΙΣ (Σαλαμίνα) Της πολιτοφανες το κάγκελο (Κ) ΑΥΡΑ (Πέραμα) Το λιοντάρι της ερήμου (Κ) • ΑΚΝΑ (Πέραμα) Μαθε παιδί μου γράμματα (Κ)

ΕΠΙΛΟΓΗ: με βούλα (•) σημειώνονται τα έργα που προτείνουμε. Με το αστερίσκο (*) εκλογή βλέπουμε.
Λ
